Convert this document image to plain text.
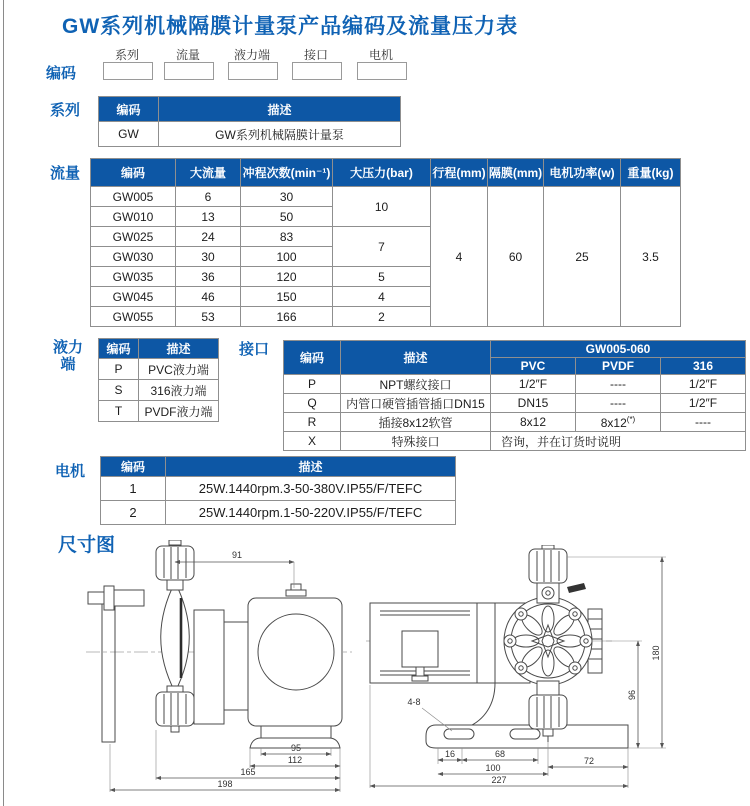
GW系列机械隔膜计量泵产品编码及流量压力表
编码
系列	流量	液力端	接口	电机
系列	编码	描述
GW	GW系列机械隔膜计量泵
流量	编码	大流量	冲程次数(min⁻¹)	大压力(bar)	行程(mm)	隔膜(mm)	电机功率(w)	重量(kg)
GW005	6	30	10	4	60	25	3.5
GW010	13	50					
GW025	24	83	7				
GW030	30	100					
GW035	36	120	5				
GW045	46	150	4				
GW055	53	166	2				
液力
端
编码	描述
P	PVC液力端
S	316液力端
T	PVDF液力端
接口	编码	描述	GW005-060		
		PVC	PVDF	316
P	NPT螺纹接口	1/2″F	----	1/2″F
Q	内管口硬管插管插口DN15	DN15	----	1/2″F
R	插接8x12软管	8x12	8x12(*)	----
X	特殊接口	咨询，并在订货时说明		
电机	编码	描述
1	25W.1440rpm.3-50-380V.IP55/F/TEFC
2	25W.1440rpm.1-50-220V.IP55/F/TEFC
尺寸图	91
95
112
165
198
4-8
16	68
72
100
227
96
180
